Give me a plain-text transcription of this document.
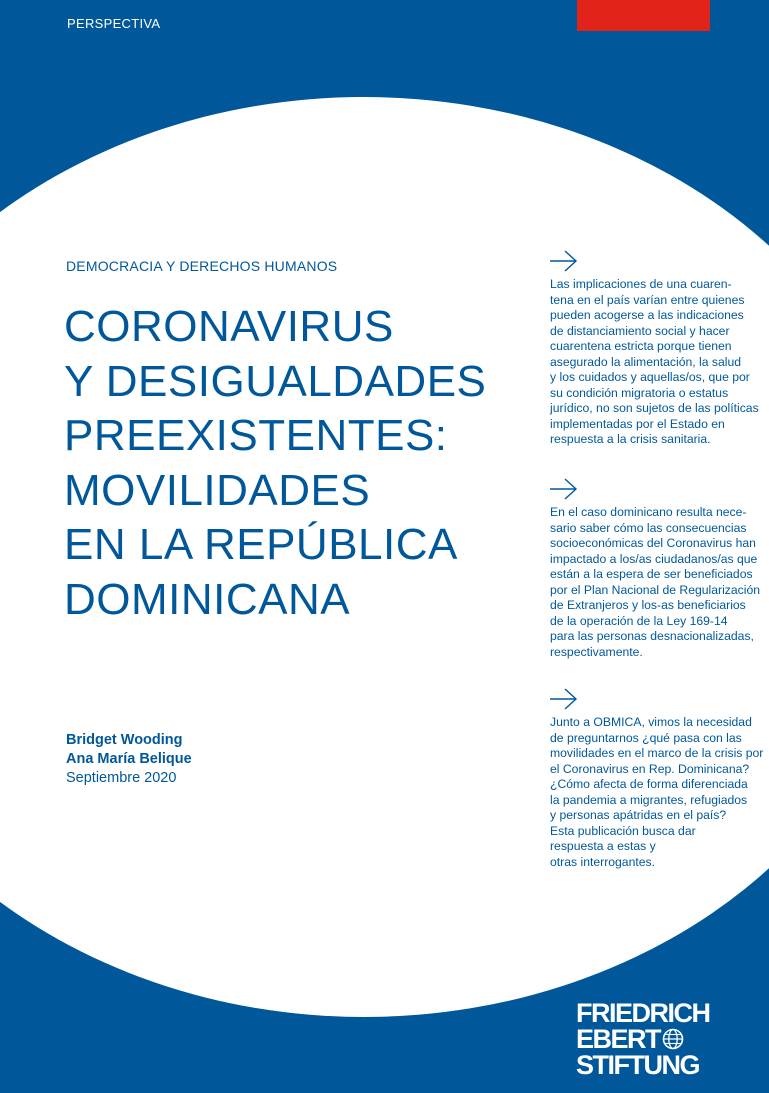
PERSPECTIVA
DEMOCRACIA Y DERECHOS HUMANOS
CORONAVIRUS
Y DESIGUALDADES
PREEXISTENTES:
MOVILIDADES
EN LA REPÚBLICA
DOMINICANA
Bridget Wooding
Ana María Belique
Septiembre 2020

Las implicaciones de una cuaren-
tena en el país varían entre quienes
pueden acogerse a las indicaciones
de distanciamiento social y hacer
cuarentena estricta porque tienen
asegurado la alimentación, la salud
y los cuidados y aquellas/os, que por
su condición migratoria o estatus
jurídico, no son sujetos de las políticas
implementadas por el Estado en
respuesta a la crisis sanitaria.

En el caso dominicano resulta nece-
sario saber cómo las consecuencias
socioeconómicas del Coronavirus han
impactado a los/as ciudadanos/as que
están a la espera de ser beneficiados
por el Plan Nacional de Regularización
de Extranjeros y los-as beneficiarios
de la operación de la Ley 169-14
para las personas desnacionalizadas,
respectivamente.

Junto a OBMICA, vimos la necesidad
de preguntarnos ¿qué pasa con las
movilidades en el marco de la crisis por
el Coronavirus en Rep. Dominicana?
¿Cómo afecta de forma diferenciada
la pandemia a migrantes, refugiados
y personas apátridas en el país?
Esta publicación busca dar
respuesta a estas y
otras interrogantes.

FRIEDRICH
EBERT
STIFTUNG
